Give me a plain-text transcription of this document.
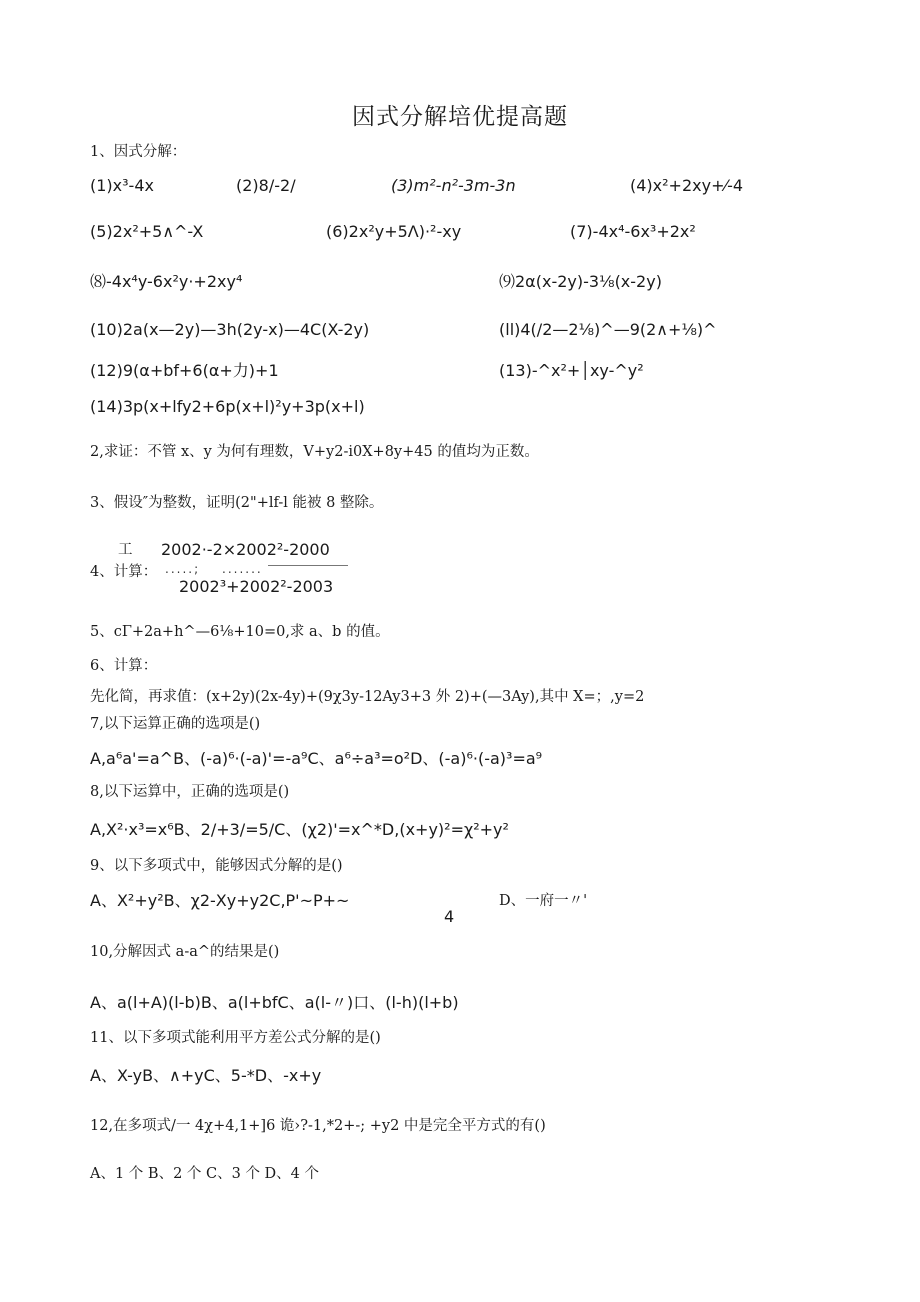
因式分解培优提高题
1、因式分解：
(1)x³-4x	(2)8/-2/	(3)m²-n²-3m-3n	(4)x²+2xy+⁄-4
(5)2x²+5∧^-X	(6)2x²y+5Λ)·²-xy	(7)-4x⁴-6x³+2x²
⑻-4x⁴y-6x²y·+2xy⁴	⑼2α(x-2y)-3⅛(x-2y)
(10)2a(x—2y)—3h(2y-x)—4C(X-2y)	(ll)4(/2—2⅛)^—9(2∧+⅛)^
(12)9(α+bf+6(α+力)+1	(13)-^x²+│xy-^y²
(14)3p(x+lfy2+6p(x+l)²y+3p(x+l)
2,求证：不管 x、y 为何有理数，V+y2-i0X+8y+45 的值均为正数。
3、假设″为整数，证明(2"+lf-l 能被 8 整除。
工 2002·-2×2002²-2000
4、计算： .....; .......
2002³+2002²-2003
5、cΓ+2a+h^—6⅛+10=0,求 a、b 的值。
6、计算：
先化简，再求值：(x+2y)(2x-4y)+(9χ3y-12Ay3+3 外 2)+(—3Ay),其中 X=；,y=2
7,以下运算正确的选项是()
A,a⁶a'=a^B、(-a)⁶·(-a)'=-a⁹C、a⁶÷a³=o²D、(-a)⁶·(-a)³=a⁹
8,以下运算中，正确的选项是()
A,X²·x³=x⁶B、2/+3/=5/C、(χ2)'=x^*D,(x+y)²=χ²+y²
9、以下多项式中，能够因式分解的是()
A、X²+y²B、χ2-Xy+y2C,P'~P+~	D、一府一〃'
4
10,分解因式 a-a^的结果是()
A、a(l+A)(l-b)B、a(l+bfC、a(l-〃)口、(l-h)(l+b)
11、以下多项式能利用平方差公式分解的是()
A、X-yB、∧+yC、5-*D、-x+y
12,在多项式/一 4χ+4,1+]6 诡›?-1,*2+-; +y2 中是完全平方式的有()
A、1 个 B、2 个 C、3 个 D、4 个
